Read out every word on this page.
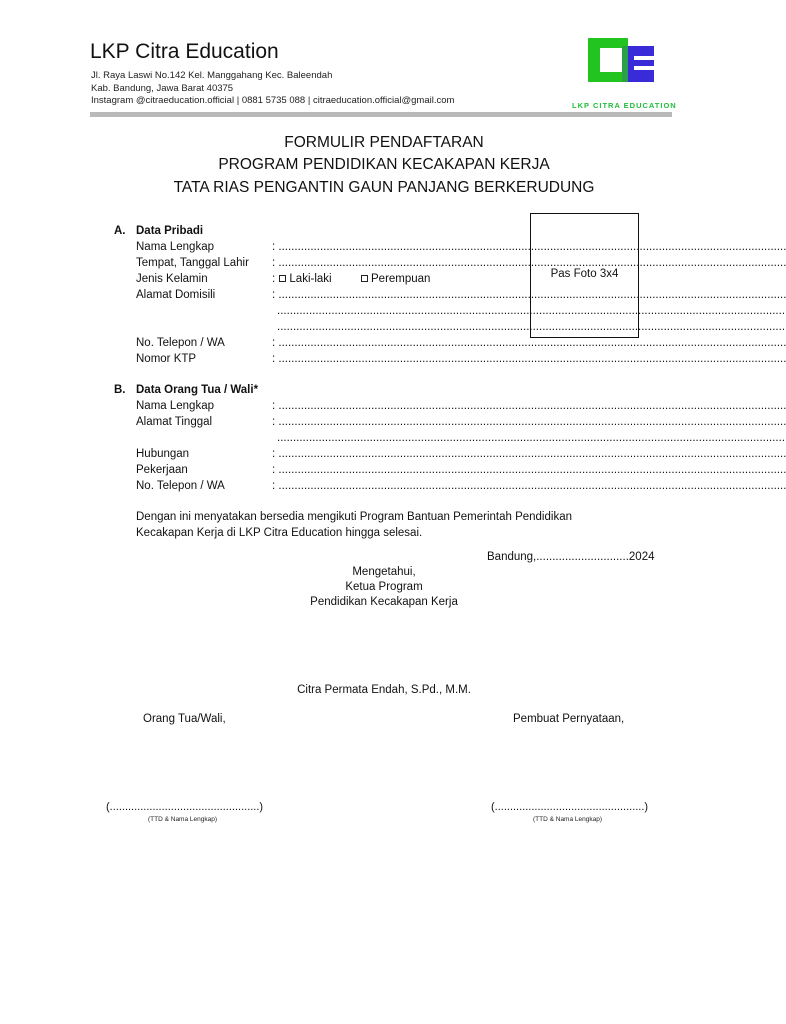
LKP Citra Education
Jl. Raya Laswi No.142 Kel. Manggahang Kec. Baleendah
Kab. Bandung, Jawa Barat 40375
Instagram @citraeducation.official | 0881 5735 088 | citraeducation.official@gmail.com	LKP CITRA EDUCATION
FORMULIR PENDAFTARAN
PROGRAM PENDIDIKAN KECAKAPAN KERJA
TATA RIAS PENGANTIN GAUN PANJANG BERKERUDUNG
Pas Foto 3x4
A. Data Pribadi
Nama Lengkap	: ...............................................................................................................................................................
Tempat, Tanggal Lahir : ...............................................................................................................................................................
Jenis Kelamin	: Laki-laki	Perempuan
Alamat Domisili	: ...............................................................................................................................................................
...............................................................................................................................................................
...............................................................................................................................................................
No. Telepon / WA	: ...............................................................................................................................................................
Nomor KTP	: ...............................................................................................................................................................
B. Data Orang Tua / Wali*
Nama Lengkap	: ...............................................................................................................................................................
Alamat Tinggal	: ...............................................................................................................................................................
...............................................................................................................................................................
Hubungan	: ...............................................................................................................................................................
Pekerjaan	: ...............................................................................................................................................................
No. Telepon / WA	: ...............................................................................................................................................................
Dengan ini menyatakan bersedia mengikuti Program Bantuan Pemerintah Pendidikan
Kecakapan Kerja di LKP Citra Education hingga selesai.
Bandung,.............................2024
Mengetahui,
Ketua Program
Pendidikan Kecakapan Kerja
Citra Permata Endah, S.Pd., M.M.
Orang Tua/Wali,	Pembuat Pernyataan,
(.................................................)
(TTD & Nama Lengkap)
(.................................................)
(TTD & Nama Lengkap)
